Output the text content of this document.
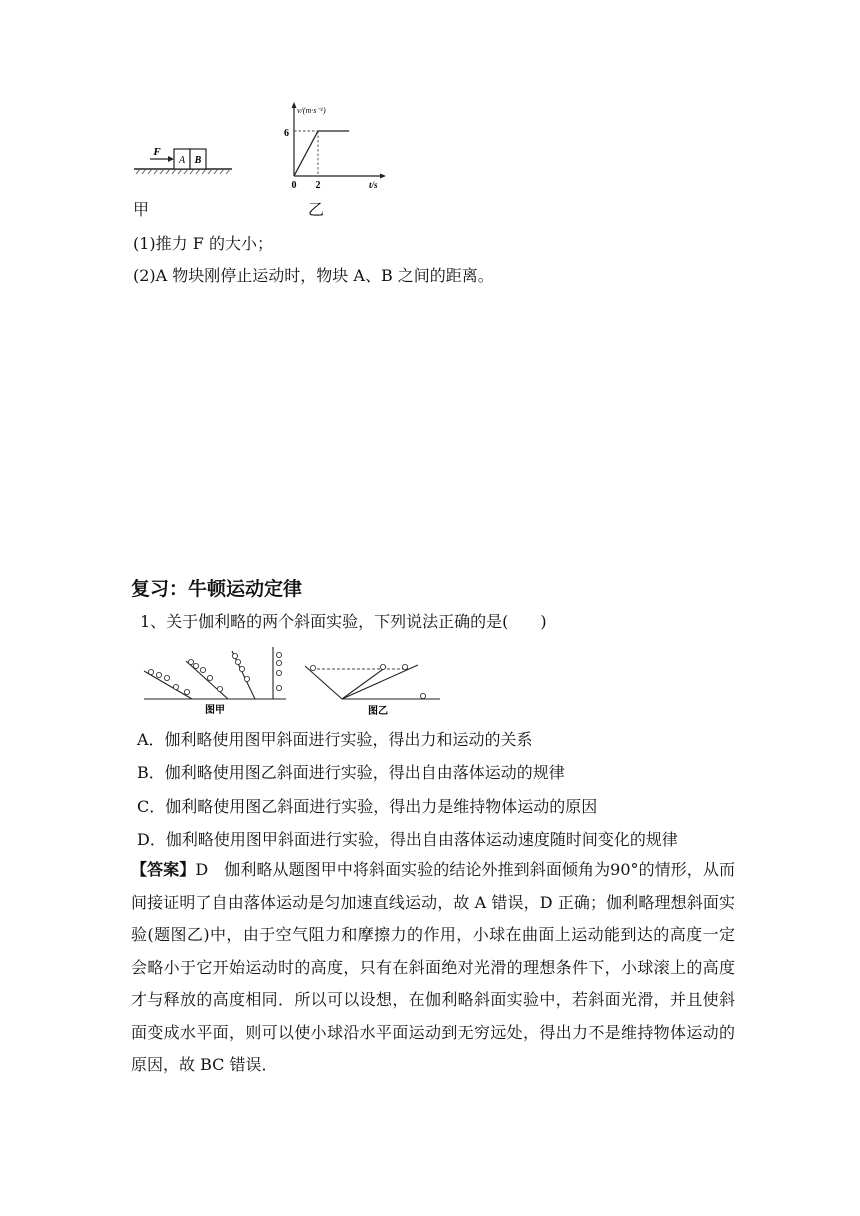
A B
F
v/(m·s⁻¹)
t/s
6
2
0
甲	乙
(1)推力 F 的大小；
(2)A 物块刚停止运动时，物块 A、B 之间的距离。
复习：牛顿运动定律
1、关于伽利略的两个斜面实验，下列说法正确的是(　　)
图甲	图乙
A．伽利略使用图甲斜面进行实验，得出力和运动的关系
B．伽利略使用图乙斜面进行实验，得出自由落体运动的规律
C．伽利略使用图乙斜面进行实验，得出力是维持物体运动的原因
D．伽利略使用图甲斜面进行实验，得出自由落体运动速度随时间变化的规律
【答案】D　 伽利略从题图甲中将斜面实验的结论外推到斜面倾角为90°的情形，从而间接证明了自由落体运动是匀加速直线运动，故 A 错误，D 正确；伽利略理想斜面实验(题图乙)中，由于空气阻力和摩擦力的作用，小球在曲面上运动能到达的高度一定会略小于它开始运动时的高度，只有在斜面绝对光滑的理想条件下，小球滚上的高度才与释放的高度相同．所以可以设想，在伽利略斜面实验中，若斜面光滑，并且使斜面变成水平面，则可以使小球沿水平面运动到无穷远处，得出力不是维持物体运动的原因，故 BC 错误．
